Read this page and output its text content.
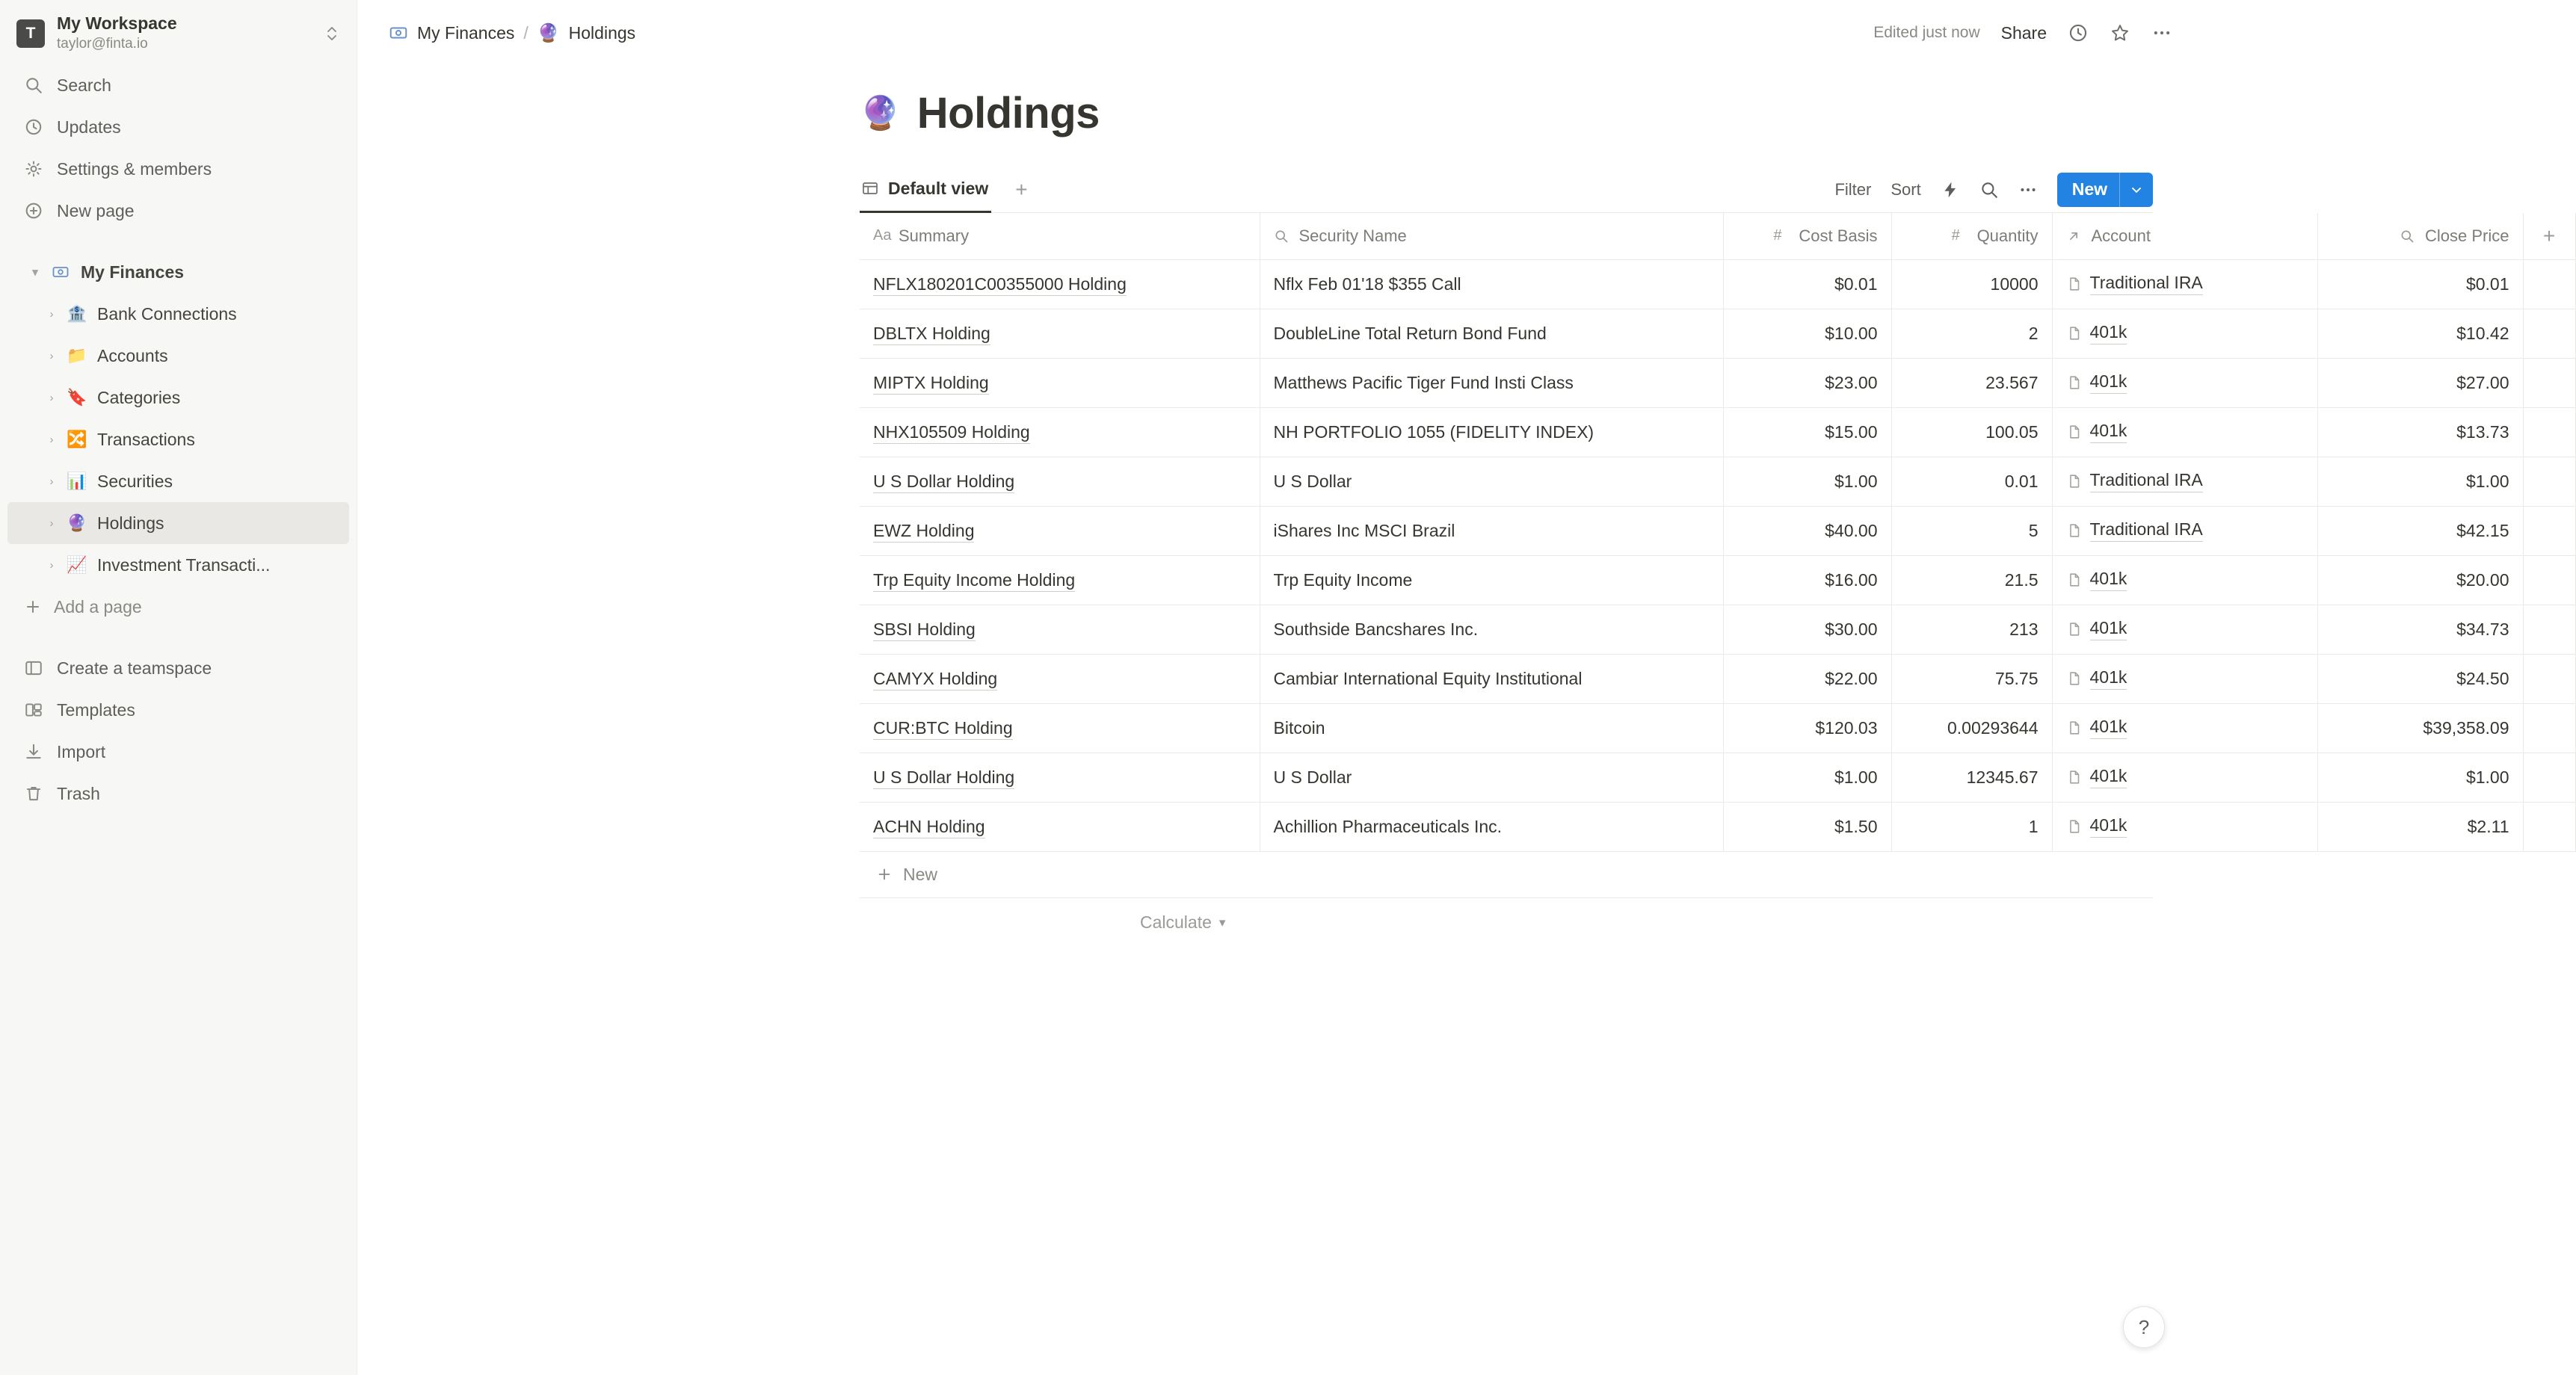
T
My Workspace
taylor@finta.io
Search
Updates
Settings & members
New page
▾	My Finances
› 🏦 Bank Connections
› 📁 Accounts
› 🔖 Categories
› 🔀 Transactions
› 📊 Securities
› 🔮 Holdings
› 📈 Investment Transacti...
Add a page
Create a teamspace
Templates
Import
Trash
My Finances / 🔮 Holdings	Edited just now Share
🔮 Holdings
Default view +	Filter Sort	New
Aa Summary	Security Name	# Cost Basis	# Quantity	Account	Close Price	+

NFLX180201C00355000 Holding	Nflx Feb 01'18 $355 Call	$0.01	10000	Traditional IRA	$0.01	
DBLTX Holding	DoubleLine Total Return Bond Fund	$10.00	2	401k	$10.42	
MIPTX Holding	Matthews Pacific Tiger Fund Insti Class	$23.00	23.567	401k	$27.00	
NHX105509 Holding	NH PORTFOLIO 1055 (FIDELITY INDEX)	$15.00	100.05	401k	$13.73	
U S Dollar Holding	U S Dollar	$1.00	0.01	Traditional IRA	$1.00	
EWZ Holding	iShares Inc MSCI Brazil	$40.00	5	Traditional IRA	$42.15	
Trp Equity Income Holding	Trp Equity Income	$16.00	21.5	401k	$20.00	
SBSI Holding	Southside Bancshares Inc.	$30.00	213	401k	$34.73	
CAMYX Holding	Cambiar International Equity Institutional	$22.00	75.75	401k	$24.50	
CUR:BTC Holding	Bitcoin	$120.03	0.00293644	401k	$39,358.09	
U S Dollar Holding	U S Dollar	$1.00	12345.67	401k	$1.00	
ACHN Holding	Achillion Pharmaceuticals Inc.	$1.50	1	401k	$2.11	
New
Calculate ▾
?
